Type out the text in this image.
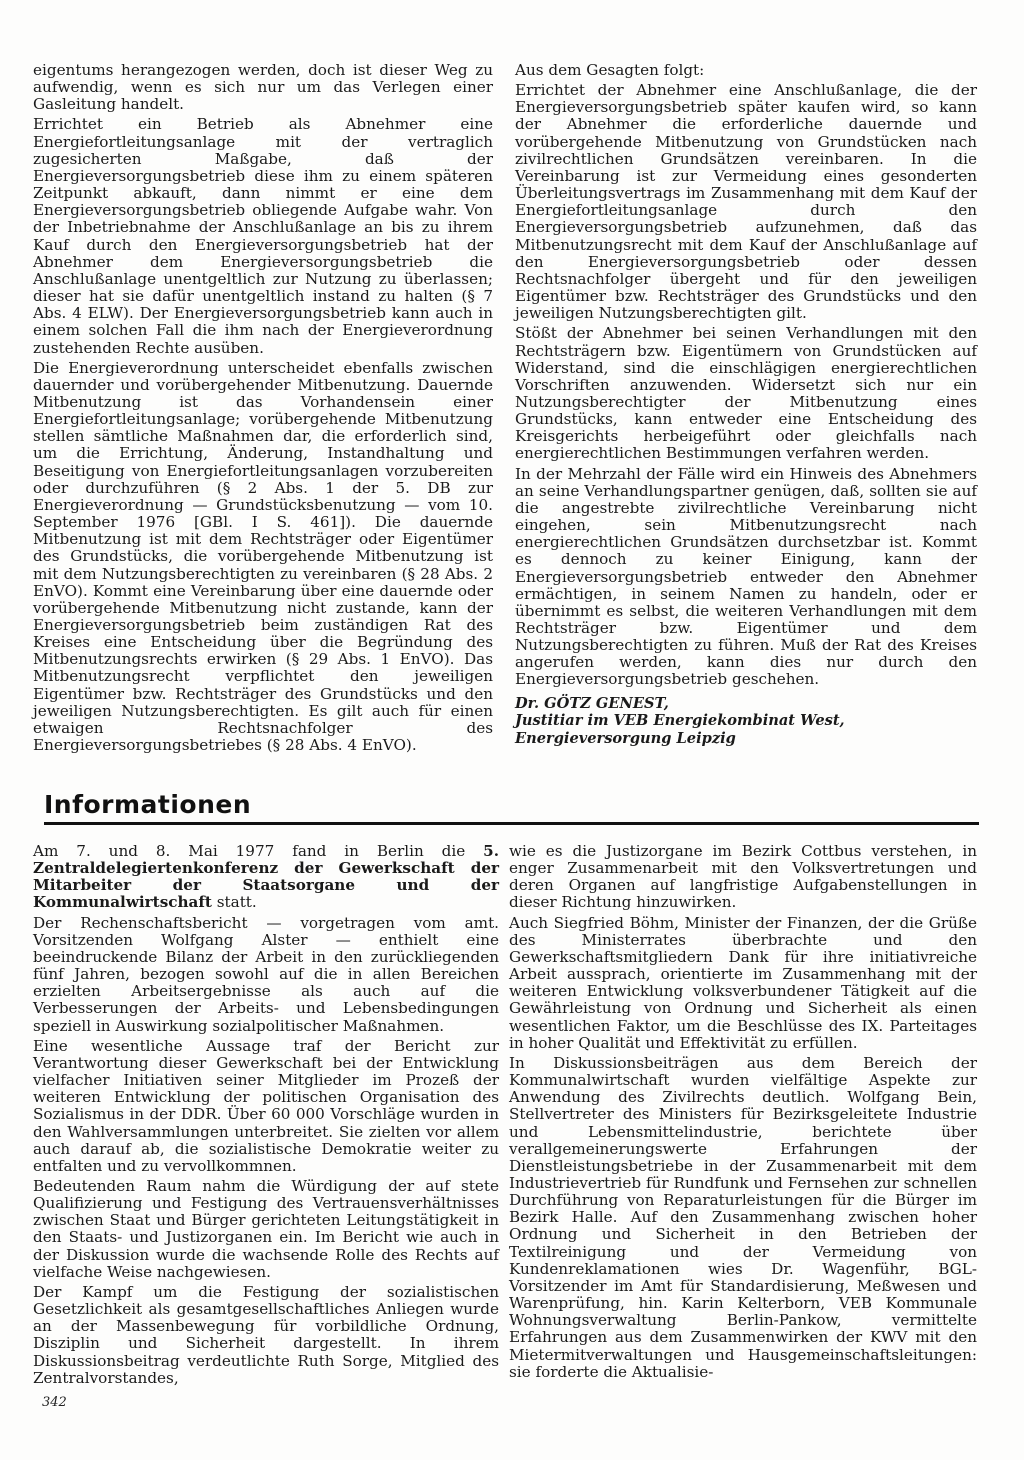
eigentums herangezogen werden, doch ist dieser Weg zu aufwendig, wenn es sich nur um das Verlegen einer Gasleitung handelt.

Errichtet ein Betrieb als Abnehmer eine Energiefortleitungsanlage mit der vertraglich zugesicherten Maßgabe, daß der Energieversorgungsbetrieb diese ihm zu einem späteren Zeitpunkt abkauft, dann nimmt er eine dem Energieversorgungsbetrieb obliegende Aufgabe wahr. Von der Inbetriebnahme der Anschlußanlage an bis zu ihrem Kauf durch den Energieversorgungsbetrieb hat der Abnehmer dem Energieversorgungsbetrieb die Anschlußanlage unentgeltlich zur Nutzung zu überlassen; dieser hat sie dafür unentgeltlich instand zu halten (§ 7 Abs. 4 ELW). Der Energieversorgungsbetrieb kann auch in einem solchen Fall die ihm nach der Energieverordnung zustehenden Rechte ausüben.

Die Energieverordnung unterscheidet ebenfalls zwischen dauernder und vorübergehender Mitbenutzung. Dauernde Mitbenutzung ist das Vorhandensein einer Energiefortleitungsanlage; vorübergehende Mitbenutzung stellen sämtliche Maßnahmen dar, die erforderlich sind, um die Errichtung, Änderung, Instandhaltung und Beseitigung von Energiefortleitungsanlagen vorzubereiten oder durchzuführen (§ 2 Abs. 1 der 5. DB zur Energieverordnung — Grundstücksbenutzung — vom 10. September 1976 [GBl. I S. 461]). Die dauernde Mitbenutzung ist mit dem Rechtsträger oder Eigentümer des Grundstücks, die vorübergehende Mitbenutzung ist mit dem Nutzungsberechtigten zu vereinbaren (§ 28 Abs. 2 EnVO). Kommt eine Vereinbarung über eine dauernde oder vorübergehende Mitbenutzung nicht zustande, kann der Energieversorgungsbetrieb beim zuständigen Rat des Kreises eine Entscheidung über die Begründung des Mitbenutzungsrechts erwirken (§ 29 Abs. 1 EnVO). Das Mitbenutzungsrecht verpflichtet den jeweiligen Eigentümer bzw. Rechtsträger des Grundstücks und den jeweiligen Nutzungsberechtigten. Es gilt auch für einen etwaigen Rechtsnachfolger des Energieversorgungsbetriebes (§ 28 Abs. 4 EnVO).

Aus dem Gesagten folgt:

Errichtet der Abnehmer eine Anschlußanlage, die der Energieversorgungsbetrieb später kaufen wird, so kann der Abnehmer die erforderliche dauernde und vorübergehende Mitbenutzung von Grundstücken nach zivilrechtlichen Grundsätzen vereinbaren. In die Vereinbarung ist zur Vermeidung eines gesonderten Überleitungsvertrags im Zusammenhang mit dem Kauf der Energiefortleitungsanlage durch den Energieversorgungsbetrieb aufzunehmen, daß das Mitbenutzungsrecht mit dem Kauf der Anschlußanlage auf den Energieversorgungsbetrieb oder dessen Rechtsnachfolger übergeht und für den jeweiligen Eigentümer bzw. Rechtsträger des Grundstücks und den jeweiligen Nutzungsberechtigten gilt.

Stößt der Abnehmer bei seinen Verhandlungen mit den Rechtsträgern bzw. Eigentümern von Grundstücken auf Widerstand, sind die einschlägigen energierechtlichen Vorschriften anzuwenden. Widersetzt sich nur ein Nutzungsberechtigter der Mitbenutzung eines Grundstücks, kann entweder eine Entscheidung des Kreisgerichts herbeigeführt oder gleichfalls nach energierechtlichen Bestimmungen verfahren werden.

In der Mehrzahl der Fälle wird ein Hinweis des Abnehmers an seine Verhandlungspartner genügen, daß, sollten sie auf die angestrebte zivilrechtliche Vereinbarung nicht eingehen, sein Mitbenutzungsrecht nach energierechtlichen Grundsätzen durchsetzbar ist. Kommt es dennoch zu keiner Einigung, kann der Energieversorgungsbetrieb entweder den Abnehmer ermächtigen, in seinem Namen zu handeln, oder er übernimmt es selbst, die weiteren Verhandlungen mit dem Rechtsträger bzw. Eigentümer und dem Nutzungsberechtigten zu führen. Muß der Rat des Kreises angerufen werden, kann dies nur durch den Energieversorgungsbetrieb geschehen.

Dr. GÖTZ GENEST,
Justitiar im VEB Energiekombinat West,
Energieversorgung Leipzig
Informationen

Am 7. und 8. Mai 1977 fand in Berlin die 5. Zentraldelegiertenkonferenz der Gewerkschaft der Mitarbeiter der Staatsorgane und der Kommunalwirtschaft statt.

Der Rechenschaftsbericht — vorgetragen vom amt. Vorsitzenden Wolfgang Alster — enthielt eine beeindruckende Bilanz der Arbeit in den zurückliegenden fünf Jahren, bezogen sowohl auf die in allen Bereichen erzielten Arbeitsergebnisse als auch auf die Verbesserungen der Arbeits- und Lebensbedingungen speziell in Auswirkung sozialpolitischer Maßnahmen.

Eine wesentliche Aussage traf der Bericht zur Verantwortung dieser Gewerkschaft bei der Entwicklung vielfacher Initiativen seiner Mitglieder im Prozeß der weiteren Entwicklung der politischen Organisation des Sozialismus in der DDR. Über 60 000 Vorschläge wurden in den Wahlversammlungen unterbreitet. Sie zielten vor allem auch darauf ab, die sozialistische Demokratie weiter zu entfalten und zu vervollkommnen.

Bedeutenden Raum nahm die Würdigung der auf stete Qualifizierung und Festigung des Vertrauensverhältnisses zwischen Staat und Bürger gerichteten Leitungstätigkeit in den Staats- und Justizorganen ein. Im Bericht wie auch in der Diskussion wurde die wachsende Rolle des Rechts auf vielfache Weise nachgewiesen.

Der Kampf um die Festigung der sozialistischen Gesetzlichkeit als gesamtgesellschaftliches Anliegen wurde an der Massenbewegung für vorbildliche Ordnung, Disziplin und Sicherheit dargestellt. In ihrem Diskussionsbeitrag verdeutlichte Ruth Sorge, Mitglied des Zentralvorstandes,

wie es die Justizorgane im Bezirk Cottbus verstehen, in enger Zusammenarbeit mit den Volksvertretungen und deren Organen auf langfristige Aufgabenstellungen in dieser Richtung hinzuwirken.

Auch Siegfried Böhm, Minister der Finanzen, der die Grüße des Ministerrates überbrachte und den Gewerkschaftsmitgliedern Dank für ihre initiativreiche Arbeit aussprach, orientierte im Zusammenhang mit der weiteren Entwicklung volksverbundener Tätigkeit auf die Gewährleistung von Ordnung und Sicherheit als einen wesentlichen Faktor, um die Beschlüsse des IX. Parteitages in hoher Qualität und Effektivität zu erfüllen.

In Diskussionsbeiträgen aus dem Bereich der Kommunalwirtschaft wurden vielfältige Aspekte zur Anwendung des Zivilrechts deutlich. Wolfgang Bein, Stellvertreter des Ministers für Bezirksgeleitete Industrie und Lebensmittelindustrie, berichtete über verallgemeinerungswerte Erfahrungen der Dienstleistungsbetriebe in der Zusammenarbeit mit dem Industrievertrieb für Rundfunk und Fernsehen zur schnellen Durchführung von Reparaturleistungen für die Bürger im Bezirk Halle. Auf den Zusammenhang zwischen hoher Ordnung und Sicherheit in den Betrieben der Textilreinigung und der Vermeidung von Kundenreklamationen wies Dr. Wagenführ, BGL-Vorsitzender im Amt für Standardisierung, Meßwesen und Warenprüfung, hin. Karin Kelterborn, VEB Kommunale Wohnungsverwaltung Berlin-Pankow, vermittelte Erfahrungen aus dem Zusammenwirken der KWV mit den Mietermitverwaltungen und Hausgemeinschaftsleitungen: sie forderte die Aktualisie-

342
